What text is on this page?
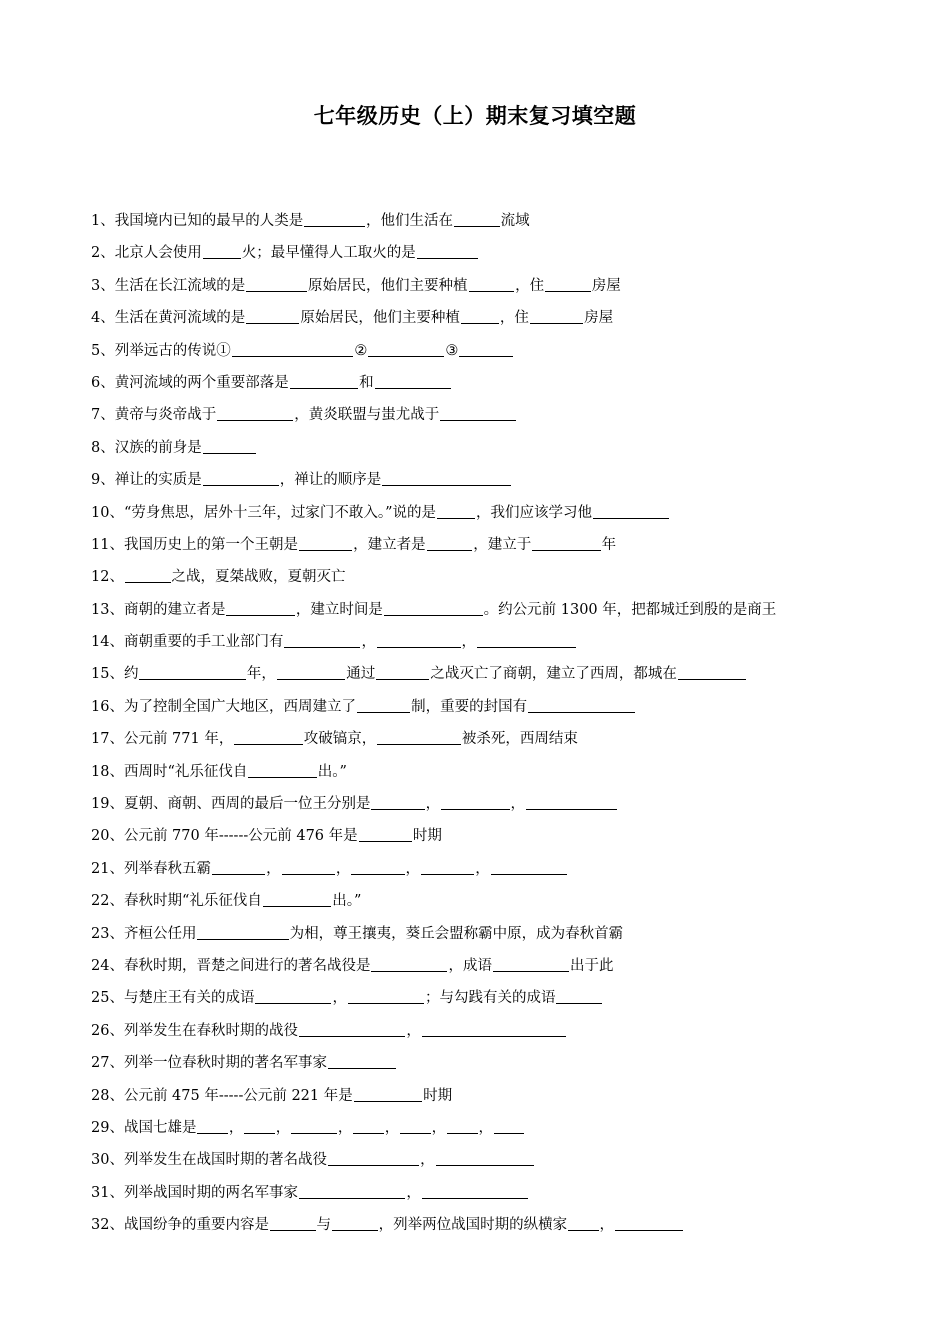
七年级历史（上）期末复习填空题
1、我国境内已知的最早的人类是	，他们生活在	流域
2、北京人会使用	火；最早懂得人工取火的是
3、生活在长江流域的是	原始居民，他们主要种植	，住	房屋
4、生活在黄河流域的是	原始居民，他们主要种植	，住	房屋
5、列举远古的传说①	②	③
6、黄河流域的两个重要部落是	和
7、黄帝与炎帝战于	，黄炎联盟与蚩尤战于
8、汉族的前身是
9、禅让的实质是	，禅让的顺序是
10、“劳身焦思，居外十三年，过家门不敢入。”说的是	，我们应该学习他
11、我国历史上的第一个王朝是	，建立者是	，建立于	年
12、	之战，夏桀战败，夏朝灭亡
13、商朝的建立者是	，建立时间是	。约公元前 1300 年，把都城迁到殷的是商王
14、商朝重要的手工业部门有	，	，
15、约	年，	通过	之战灭亡了商朝，建立了西周，都城在
16、为了控制全国广大地区，西周建立了	制，重要的封国有
17、公元前 771 年，	攻破镐京，	被杀死，西周结束
18、西周时“礼乐征伐自	出。”
19、夏朝、商朝、西周的最后一位王分别是	，	，
20、公元前 770 年------公元前 476 年是	时期
21、列举春秋五霸	，	，	，	，
22、春秋时期“礼乐征伐自	出。”
23、齐桓公任用	为相，尊王攘夷，葵丘会盟称霸中原，成为春秋首霸
24、春秋时期，晋楚之间进行的著名战役是	，成语	出于此
25、与楚庄王有关的成语	，	；与勾践有关的成语
26、列举发生在春秋时期的战役	，
27、列举一位春秋时期的著名军事家
28、公元前 475 年-----公元前 221 年是	时期
29、战国七雄是 ， ，	， ， ， ，
30、列举发生在战国时期的著名战役	，
31、列举战国时期的两名军事家	，
32、战国纷争的重要内容是	与	，列举两位战国时期的纵横家 ，
